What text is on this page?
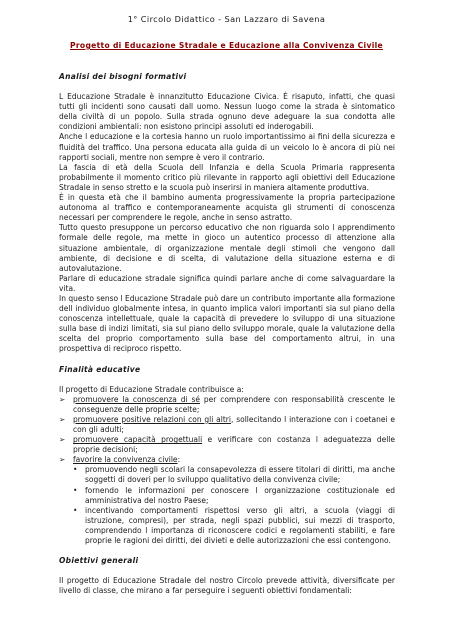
1° Circolo Didattico - San Lazzaro di Savena
Progetto di Educazione Stradale e Educazione alla Convivenza Civile
Analisi dei bisogni formativi

L Educazione Stradale è innanzitutto Educazione Civica. È risaputo, infatti, che quasi tutti gli incidenti sono causati dall uomo. Nessun luogo come la strada è sintomatico della civiltà di un popolo. Sulla strada ognuno deve adeguare la sua condotta alle condizioni ambientali: non esistono principi assoluti ed inderogabili.

Anche l educazione e la cortesia hanno un ruolo importantissimo ai fini della sicurezza e fluidità del traffico. Una persona educata alla guida di un veicolo lo è ancora di più nei rapporti sociali, mentre non sempre è vero il contrario.

La fascia di età della Scuola dell Infanzia e della Scuola Primaria rappresenta probabilmente il momento critico più rilevante in rapporto agli obiettivi dell Educazione Stradale in senso stretto e la scuola può inserirsi in maniera altamente produttiva.

È in questa età che il bambino aumenta progressivamente la propria partecipazione autonoma al traffico e contemporaneamente acquista gli strumenti di conoscenza necessari per comprendere le regole, anche in senso astratto.

Tutto questo presuppone un percorso educativo che non riguarda solo l apprendimento formale delle regole, ma mette in gioco un autentico processo di attenzione alla situazione ambientale, di organizzazione mentale degli stimoli che vengono dall ambiente, di decisione e di scelta, di valutazione della situazione esterna e di autovalutazione.

Parlare di educazione stradale significa quindi parlare anche di come salvaguardare la vita.

In questo senso l Educazione Stradale può dare un contributo importante alla formazione dell individuo globalmente intesa, in quanto implica valori importanti sia sul piano della conoscenza intellettuale, quale la capacità di prevedere lo sviluppo di una situazione sulla base di indizi limitati, sia sul piano dello sviluppo morale, quale la valutazione della scelta del proprio comportamento sulla base del comportamento altrui, in una prospettiva di reciproco rispetto.

Finalità educative

Il progetto di Educazione Stradale contribuisce a:

➢ promuovere la conoscenza di sé per comprendere con responsabilità crescente le conseguenze delle proprie scelte;
➢ promuovere positive relazioni con gli altri, sollecitando l interazione con i coetanei e con gli adulti;
➢ promuovere capacità progettuali e verificare con costanza l adeguatezza delle proprie decisioni;
➢ favorire la convivenza civile:
• promuovendo negli scolari la consapevolezza di essere titolari di diritti, ma anche soggetti di doveri per lo sviluppo qualitativo della convivenza civile;
• fornendo le informazioni per conoscere l organizzazione costituzionale ed amministrativa del nostro Paese;
• incentivando comportamenti rispettosi verso gli altri, a scuola (viaggi di istruzione, compresi), per strada, negli spazi pubblici, sui mezzi di trasporto, comprendendo l importanza di riconoscere codici e regolamenti stabiliti, e fare proprie le ragioni dei diritti, dei divieti e delle autorizzazioni che essi contengono.
Obiettivi generali

Il progetto di Educazione Stradale del nostro Circolo prevede attività, diversificate per livello di classe, che mirano a far perseguire i seguenti obiettivi fondamentali:
